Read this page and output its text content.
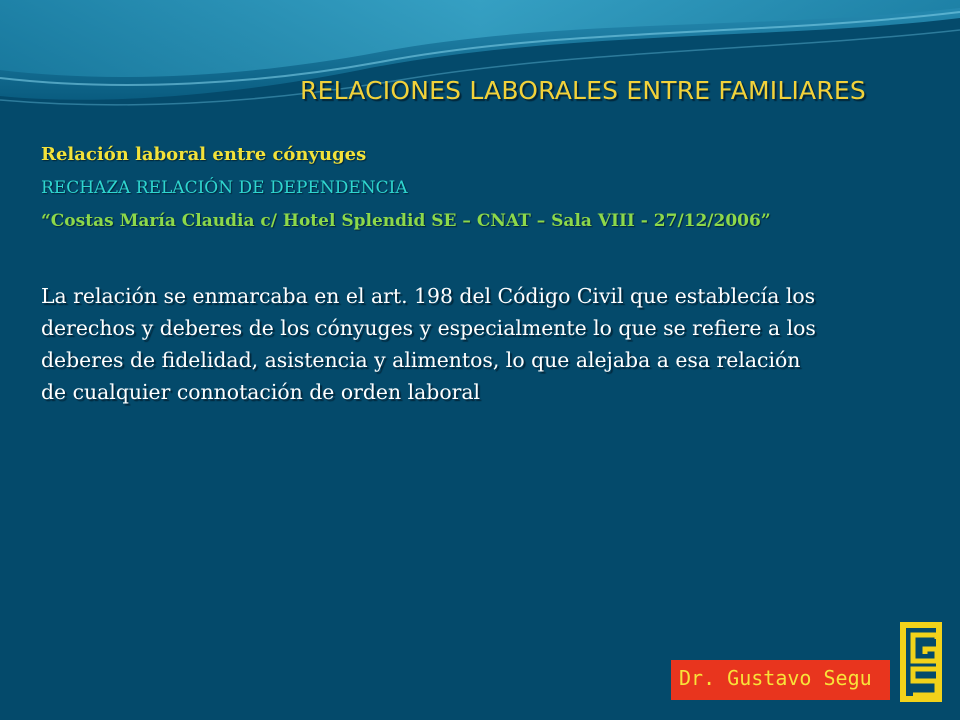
RELACIONES LABORALES ENTRE FAMILIARES
Relación laboral entre cónyuges
RECHAZA RELACIÓN DE DEPENDENCIA
“Costas María Claudia c/ Hotel Splendid SE – CNAT – Sala VIII - 27/12/2006”
La relación se enmarcaba en el art. 198 del Código Civil que establecía los
derechos y deberes de los cónyuges y especialmente lo que se refiere a los
deberes de fidelidad, asistencia y alimentos, lo que alejaba a esa relación
de cualquier connotación de orden laboral
Dr. Gustavo Segu
